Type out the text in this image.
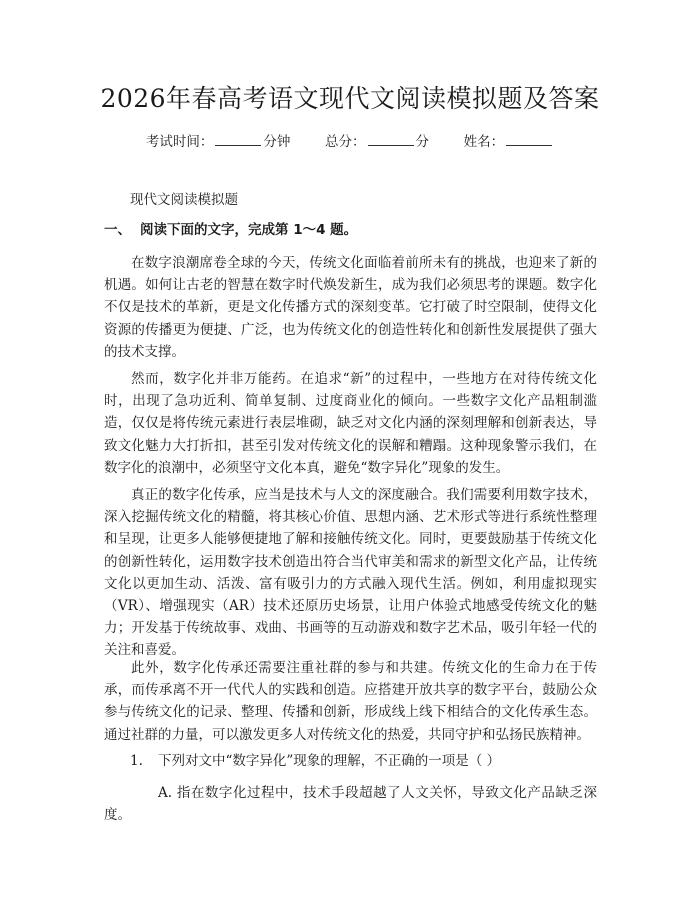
2026年春高考语文现代文阅读模拟题及答案
考试时间：	分钟	总分：	分	姓名：
现代文阅读模拟题
一、 阅读下面的文字，完成第 1～4 题。
在数字浪潮席卷全球的今天，传统文化面临着前所未有的挑战，也迎来了新的机遇。如何让古老的智慧在数字时代焕发新生，成为我们必须思考的课题。数字化不仅是技术的革新，更是文化传播方式的深刻变革。它打破了时空限制，使得文化资源的传播更为便捷、广泛，也为传统文化的创造性转化和创新性发展提供了强大的技术支撑。
然而，数字化并非万能药。在追求“新”的过程中，一些地方在对待传统文化时，出现了急功近利、简单复制、过度商业化的倾向。一些数字文化产品粗制滥造，仅仅是将传统元素进行表层堆砌，缺乏对文化内涵的深刻理解和创新表达，导致文化魅力大打折扣，甚至引发对传统文化的误解和糟蹋。这种现象警示我们，在数字化的浪潮中，必须坚守文化本真，避免“数字异化”现象的发生。
真正的数字化传承，应当是技术与人文的深度融合。我们需要利用数字技术，深入挖掘传统文化的精髓，将其核心价值、思想内涵、艺术形式等进行系统性整理和呈现，让更多人能够便捷地了解和接触传统文化。同时，更要鼓励基于传统文化的创新性转化，运用数字技术创造出符合当代审美和需求的新型文化产品，让传统文化以更加生动、活泼、富有吸引力的方式融入现代生活。例如，利用虚拟现实（VR）、增强现实（AR）技术还原历史场景，让用户体验式地感受传统文化的魅力；开发基于传统故事、戏曲、书画等的互动游戏和数字艺术品，吸引年轻一代的关注和喜爱。
此外，数字化传承还需要注重社群的参与和共建。传统文化的生命力在于传承，而传承离不开一代代人的实践和创造。应搭建开放共享的数字平台，鼓励公众参与传统文化的记录、整理、传播和创新，形成线上线下相结合的文化传承生态。通过社群的力量，可以激发更多人对传统文化的热爱，共同守护和弘扬民族精神。
1. 下列对文中“数字异化”现象的理解，不正确的一项是（ ）
A. 指在数字化过程中，技术手段超越了人文关怀，导致文化产品缺乏深度。
